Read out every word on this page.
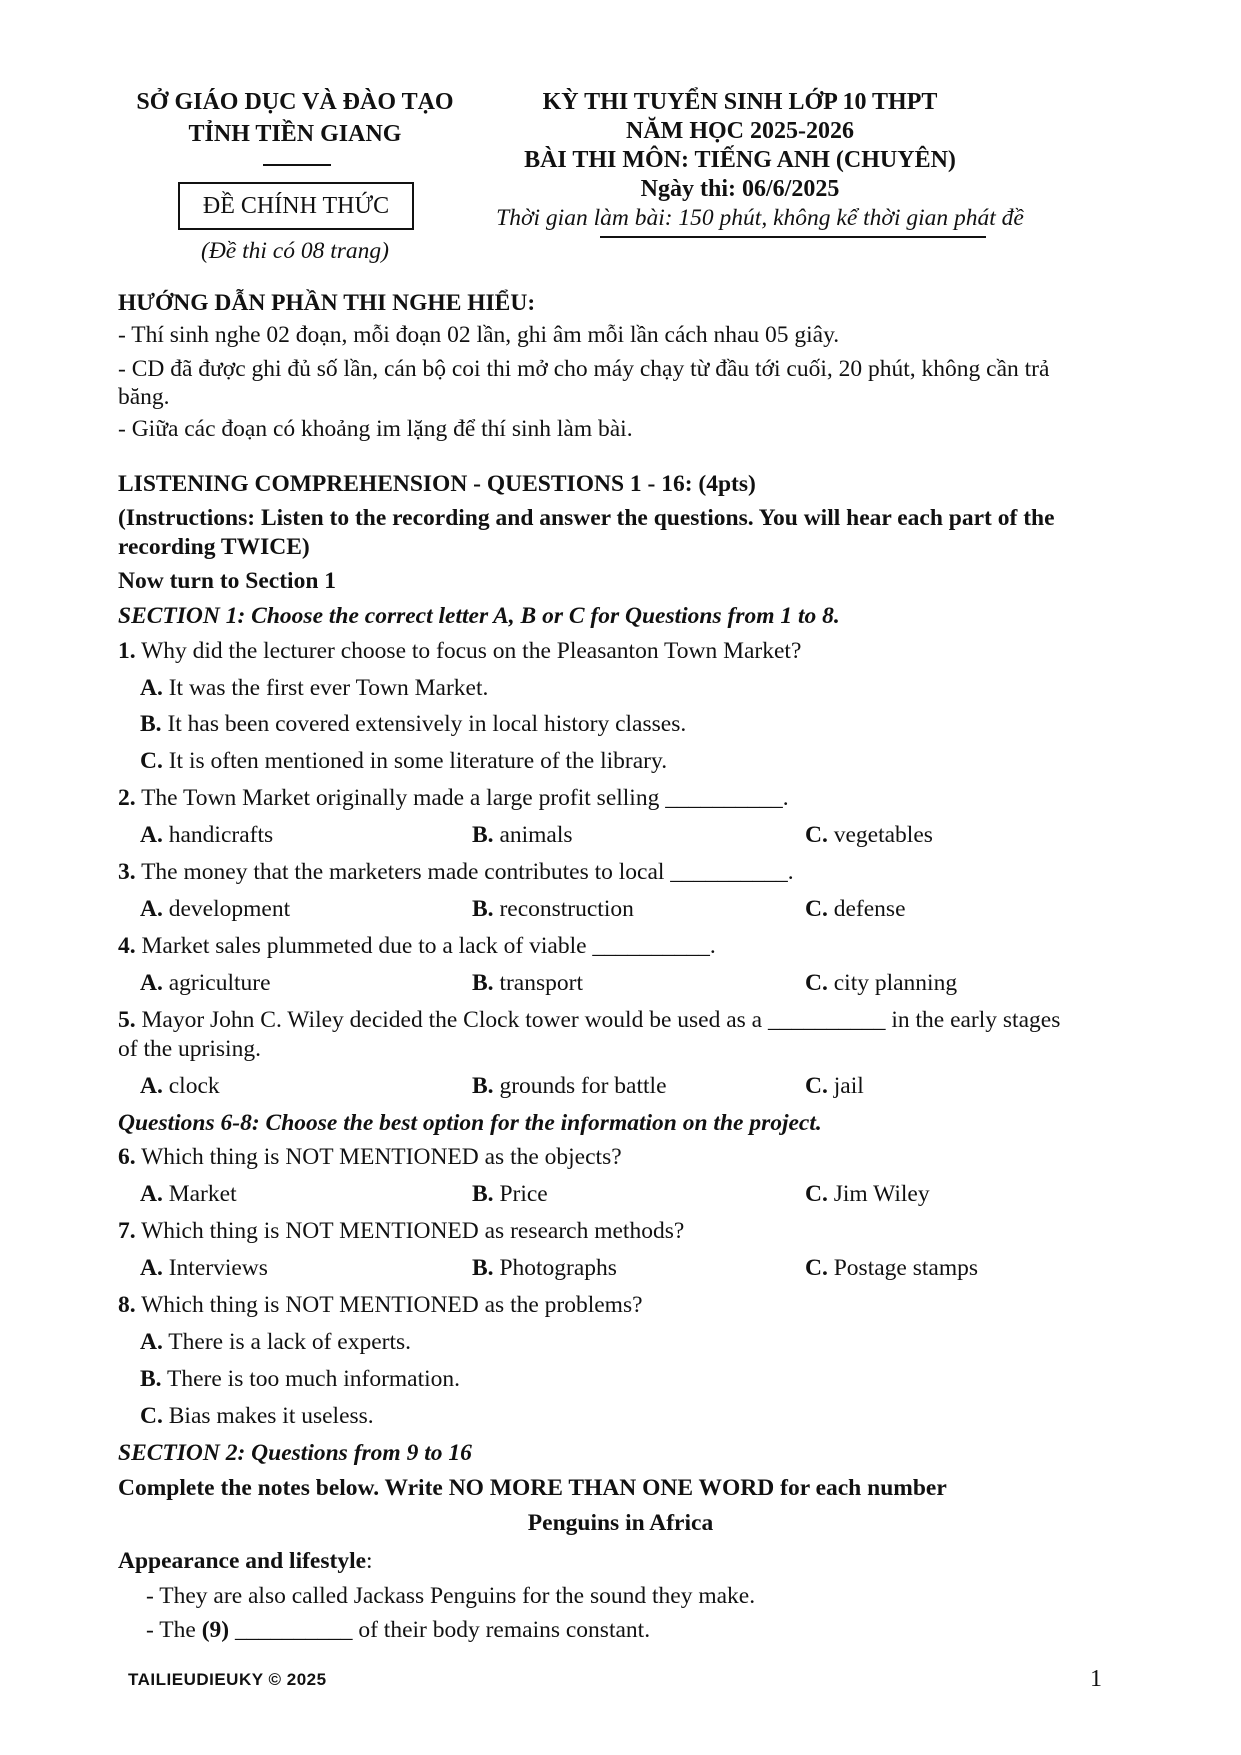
SỞ GIÁO DỤC VÀ ĐÀO TẠO
TỈNH TIỀN GIANG
ĐỀ CHÍNH THỨC
(Đề thi có 08 trang)
KỲ THI TUYỂN SINH LỚP 10 THPT
NĂM HỌC 2025-2026
BÀI THI MÔN: TIẾNG ANH (CHUYÊN)
Ngày thi: 06/6/2025
Thời gian làm bài: 150 phút, không kể thời gian phát đề
HƯỚNG DẪN PHẦN THI NGHE HIỂU:
- Thí sinh nghe 02 đoạn, mỗi đoạn 02 lần, ghi âm mỗi lần cách nhau 05 giây.
- CD đã được ghi đủ số lần, cán bộ coi thi mở cho máy chạy từ đầu tới cuối, 20 phút, không cần trả
băng.
- Giữa các đoạn có khoảng im lặng để thí sinh làm bài.
LISTENING COMPREHENSION - QUESTIONS 1 - 16: (4pts)
(Instructions: Listen to the recording and answer the questions. You will hear each part of the
recording TWICE)
Now turn to Section 1
SECTION 1: Choose the correct letter A, B or C for Questions from 1 to 8.
1. Why did the lecturer choose to focus on the Pleasanton Town Market?
A. It was the first ever Town Market.
B. It has been covered extensively in local history classes.
C. It is often mentioned in some literature of the library.
2. The Town Market originally made a large profit selling __________.
A. handicrafts	B. animals	C. vegetables
3. The money that the marketers made contributes to local __________.
A. development	B. reconstruction	C. defense
4. Market sales plummeted due to a lack of viable __________.
A. agriculture	B. transport	C. city planning
5. Mayor John C. Wiley decided the Clock tower would be used as a __________ in the early stages
of the uprising.
A. clock	B. grounds for battle	C. jail
Questions 6-8: Choose the best option for the information on the project.
6. Which thing is NOT MENTIONED as the objects?
A. Market	B. Price	C. Jim Wiley
7. Which thing is NOT MENTIONED as research methods?
A. Interviews	B. Photographs	C. Postage stamps
8. Which thing is NOT MENTIONED as the problems?
A. There is a lack of experts.
B. There is too much information.
C. Bias makes it useless.
SECTION 2: Questions from 9 to 16
Complete the notes below. Write NO MORE THAN ONE WORD for each number
Penguins in Africa
Appearance and lifestyle:
- They are also called Jackass Penguins for the sound they make.
- The (9) __________ of their body remains constant.
TAILIEUDIEUKY © 2025	1
